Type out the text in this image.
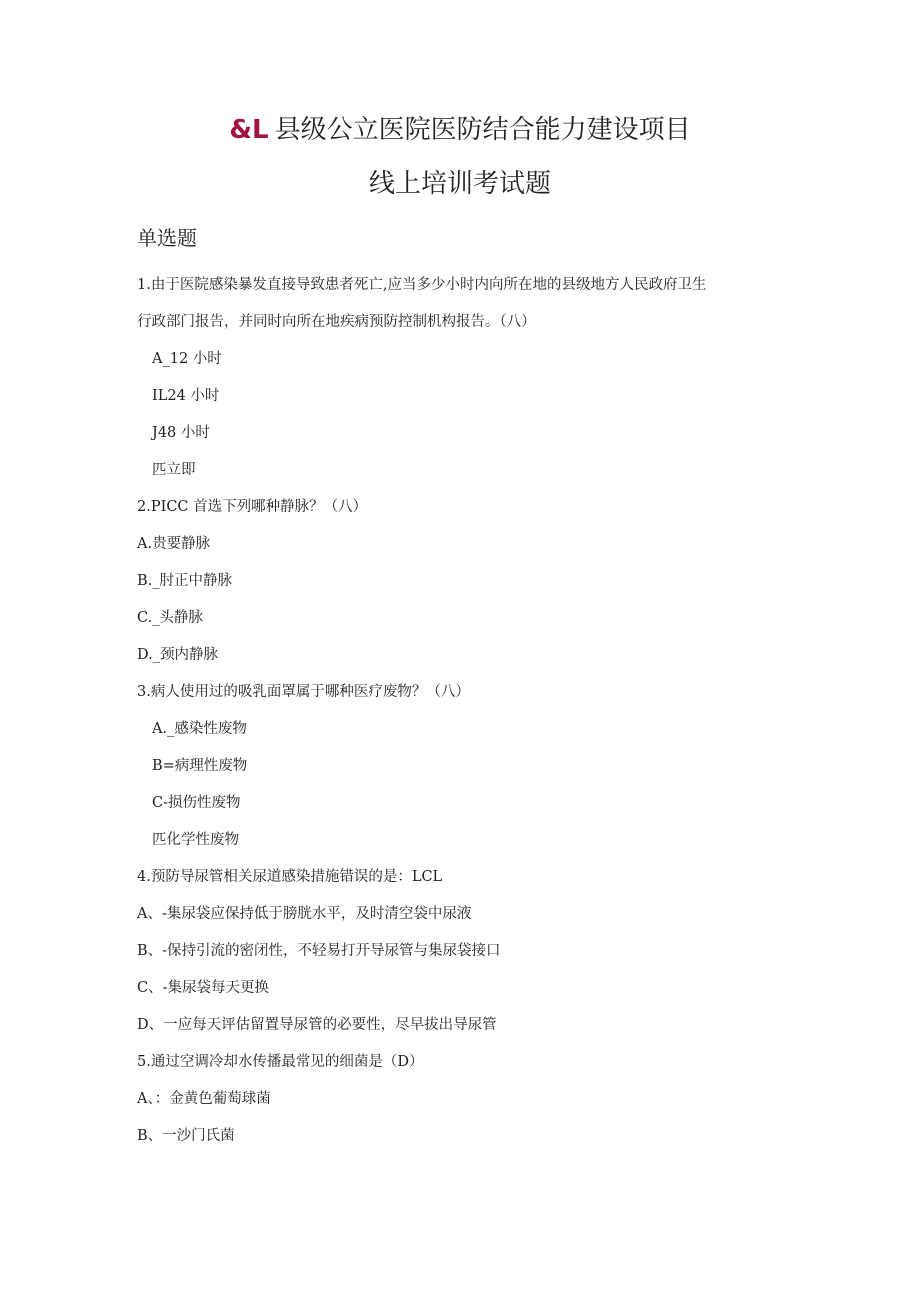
&L 县级公立医院医防结合能力建设项目
线上培训考试题
单选题
1.由于医院感染暴发直接导致患者死亡,应当多少小时内向所在地的县级地方人民政府卫生
行政部门报告，并同时向所在地疾病预防控制机构报告。（八）
A_12 小时
IL24 小时
J48 小时
匹立即
2.PICC 首选下列哪种静脉？（八）
A.贵要静脉
B._肘正中静脉
C._头静脉
D._颈内静脉
3.病人使用过的吸乳面罩属于哪种医疗废物？（八）
A._感染性废物
B=病理性废物
C-损伤性废物
匹化学性废物
4.预防导尿管相关尿道感染措施错误的是：LCL
A、-集尿袋应保持低于膀胱水平，及时清空袋中尿液
B、-保持引流的密闭性，不轻易打开导尿管与集尿袋接口
C、-集尿袋每天更换
D、一应每天评估留置导尿管的必要性，尽早拔出导尿管
5.通过空调冷却水传播最常见的细菌是（D）
A、：金黄色葡萄球菌
B、一沙门氏菌
